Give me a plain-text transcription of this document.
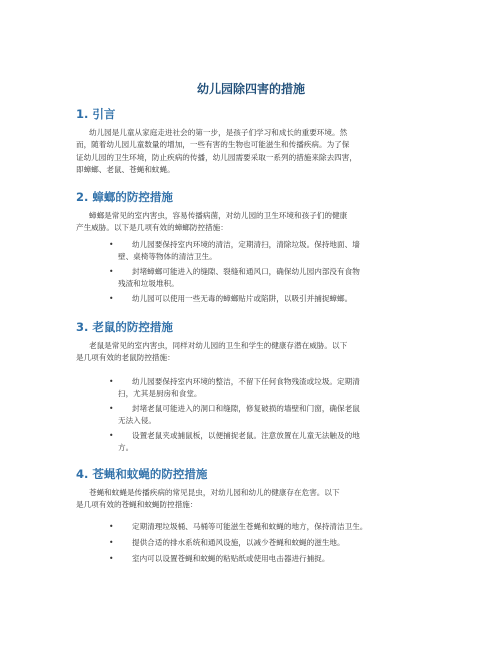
幼儿园除四害的措施
1. 引言
幼儿园是儿童从家庭走进社会的第一步，是孩子们学习和成长的重要环境。然
而，随着幼儿园儿童数量的增加，一些有害的生物也可能滋生和传播疾病。为了保
证幼儿园的卫生环境，防止疾病的传播，幼儿园需要采取一系列的措施来除去四害，
即蟑螂、老鼠、苍蝇和蚊蝇。
2. 蟑螂的防控措施
蟑螂是常见的室内害虫，容易传播病菌，对幼儿园的卫生环境和孩子们的健康
产生威胁。以下是几项有效的蟑螂防控措施：
• 幼儿园要保持室内环境的清洁，定期清扫，清除垃圾。保持地面、墙
壁、桌椅等物体的清洁卫生。
• 封堵蟑螂可能进入的缝隙、裂缝和通风口，确保幼儿园内部没有食物
残渣和垃圾堆积。
• 幼儿园可以使用一些无毒的蟑螂贴片或陷阱，以吸引并捕捉蟑螂。
3. 老鼠的防控措施
老鼠是常见的室内害虫，同样对幼儿园的卫生和学生的健康存潜在威胁。以下
是几项有效的老鼠防控措施：
• 幼儿园要保持室内环境的整洁，不留下任何食物残渣或垃圾。定期清
扫，尤其是厨房和食堂。
• 封堵老鼠可能进入的洞口和缝隙，修复破损的墙壁和门窗，确保老鼠
无法入侵。
• 设置老鼠夹或捕鼠板，以便捕捉老鼠。注意放置在儿童无法触及的地
方。
4. 苍蝇和蚊蝇的防控措施
苍蝇和蚊蝇是传播疾病的常见昆虫，对幼儿园和幼儿的健康存在危害。以下
是几项有效的苍蝇和蚊蝇防控措施：
• 定期清理垃圾桶、马桶等可能滋生苍蝇和蚊蝇的地方，保持清洁卫生。
• 提供合适的排水系统和通风设施，以减少苍蝇和蚊蝇的滋生地。
• 室内可以设置苍蝇和蚊蝇的粘贴纸或使用电击器进行捕捉。
